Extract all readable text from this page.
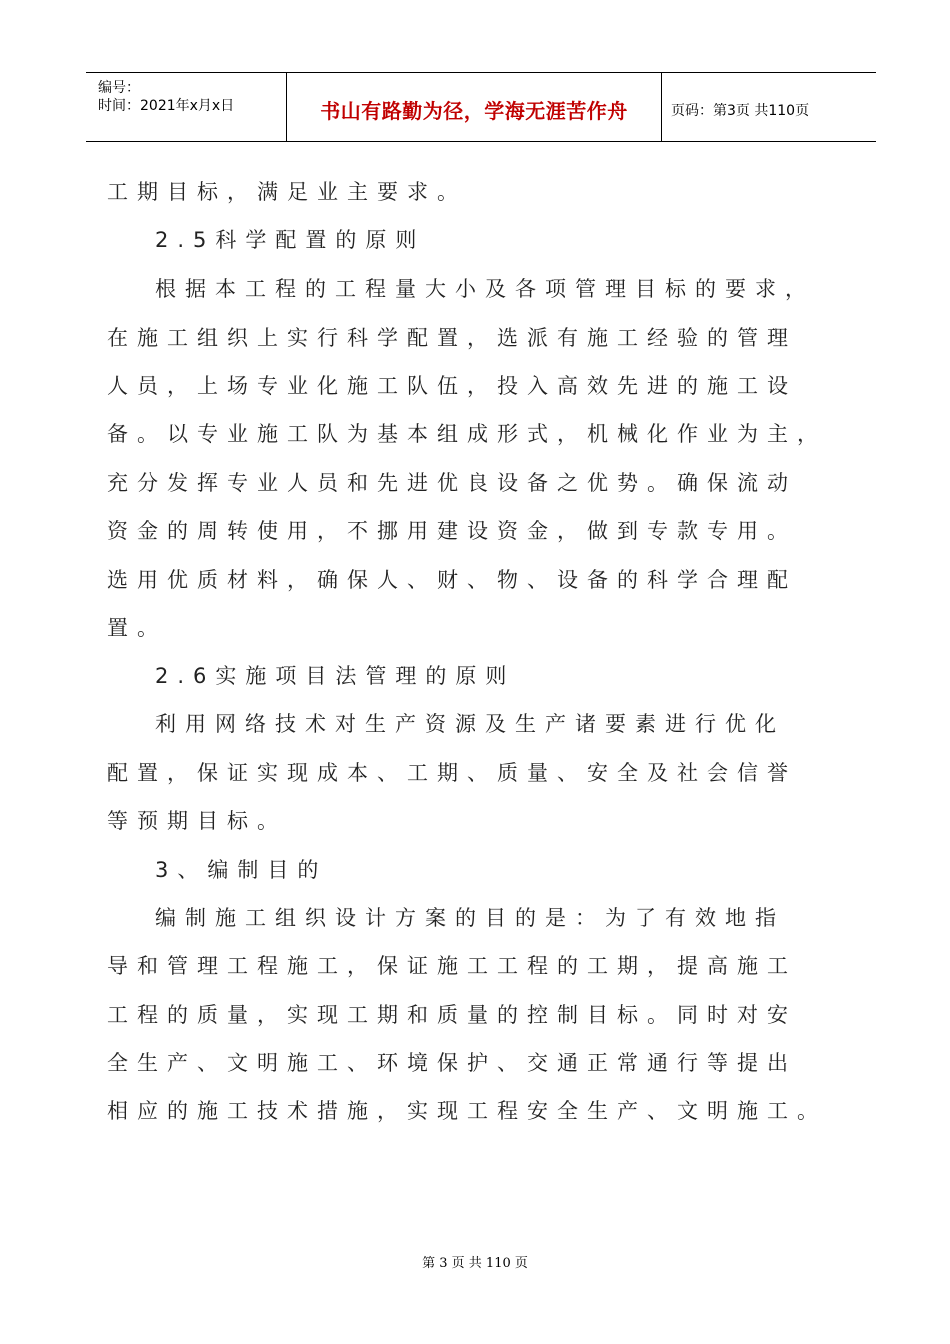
编号：
时间：2021年x月x日	书山有路勤为径，学海无涯苦作舟	页码：第3页 共110页
工期目标，满足业主要求。
2.5科学配置的原则
根据本工程的工程量大小及各项管理目标的要求，
在施工组织上实行科学配置，选派有施工经验的管理
人员，上场专业化施工队伍，投入高效先进的施工设
备。以专业施工队为基本组成形式，机械化作业为主，
充分发挥专业人员和先进优良设备之优势。确保流动
资金的周转使用，不挪用建设资金，做到专款专用。
选用优质材料，确保人、财、物、设备的科学合理配
置。
2.6实施项目法管理的原则
利用网络技术对生产资源及生产诸要素进行优化
配置，保证实现成本、工期、质量、安全及社会信誉
等预期目标。
3、编制目的
编制施工组织设计方案的目的是：为了有效地指
导和管理工程施工，保证施工工程的工期，提高施工
工程的质量，实现工期和质量的控制目标。同时对安
全生产、文明施工、环境保护、交通正常通行等提出
相应的施工技术措施，实现工程安全生产、文明施工。
第 3 页 共 110 页
